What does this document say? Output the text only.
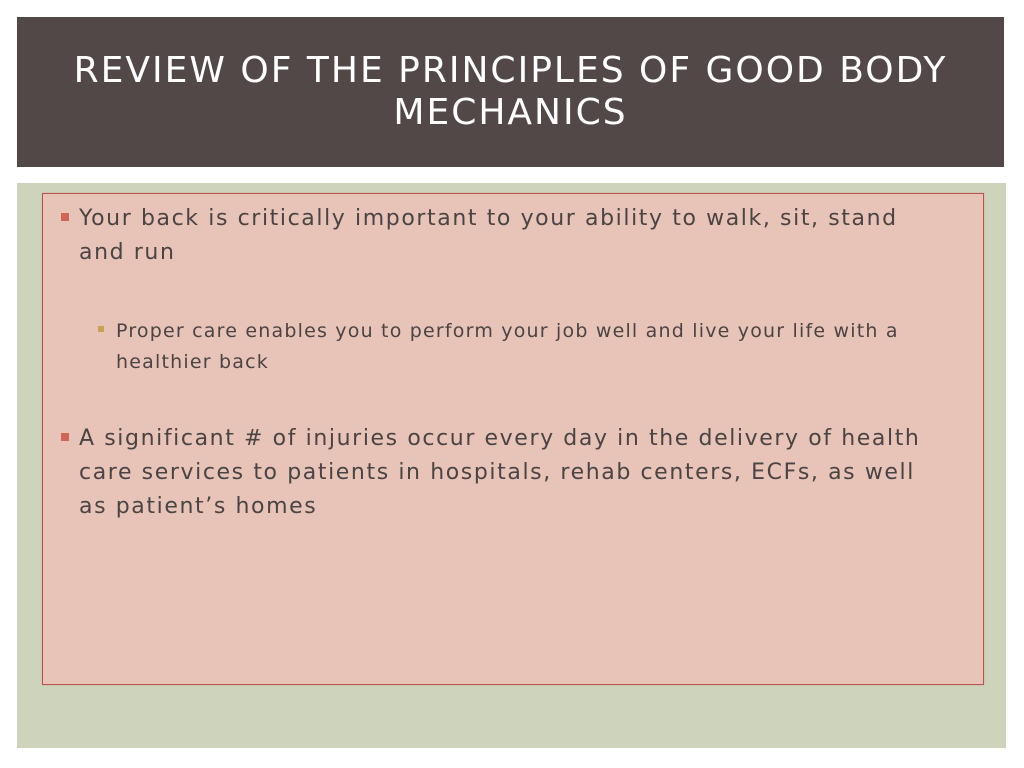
REVIEW OF THE PRINCIPLES OF GOOD BODY MECHANICS
Your back is critically important to your ability to walk, sit, stand and run
Proper care enables you to perform your job well and live your life with a healthier back
A significant # of injuries occur every day in the delivery of health care services to patients in hospitals, rehab centers, ECFs, as well as patient’s homes
